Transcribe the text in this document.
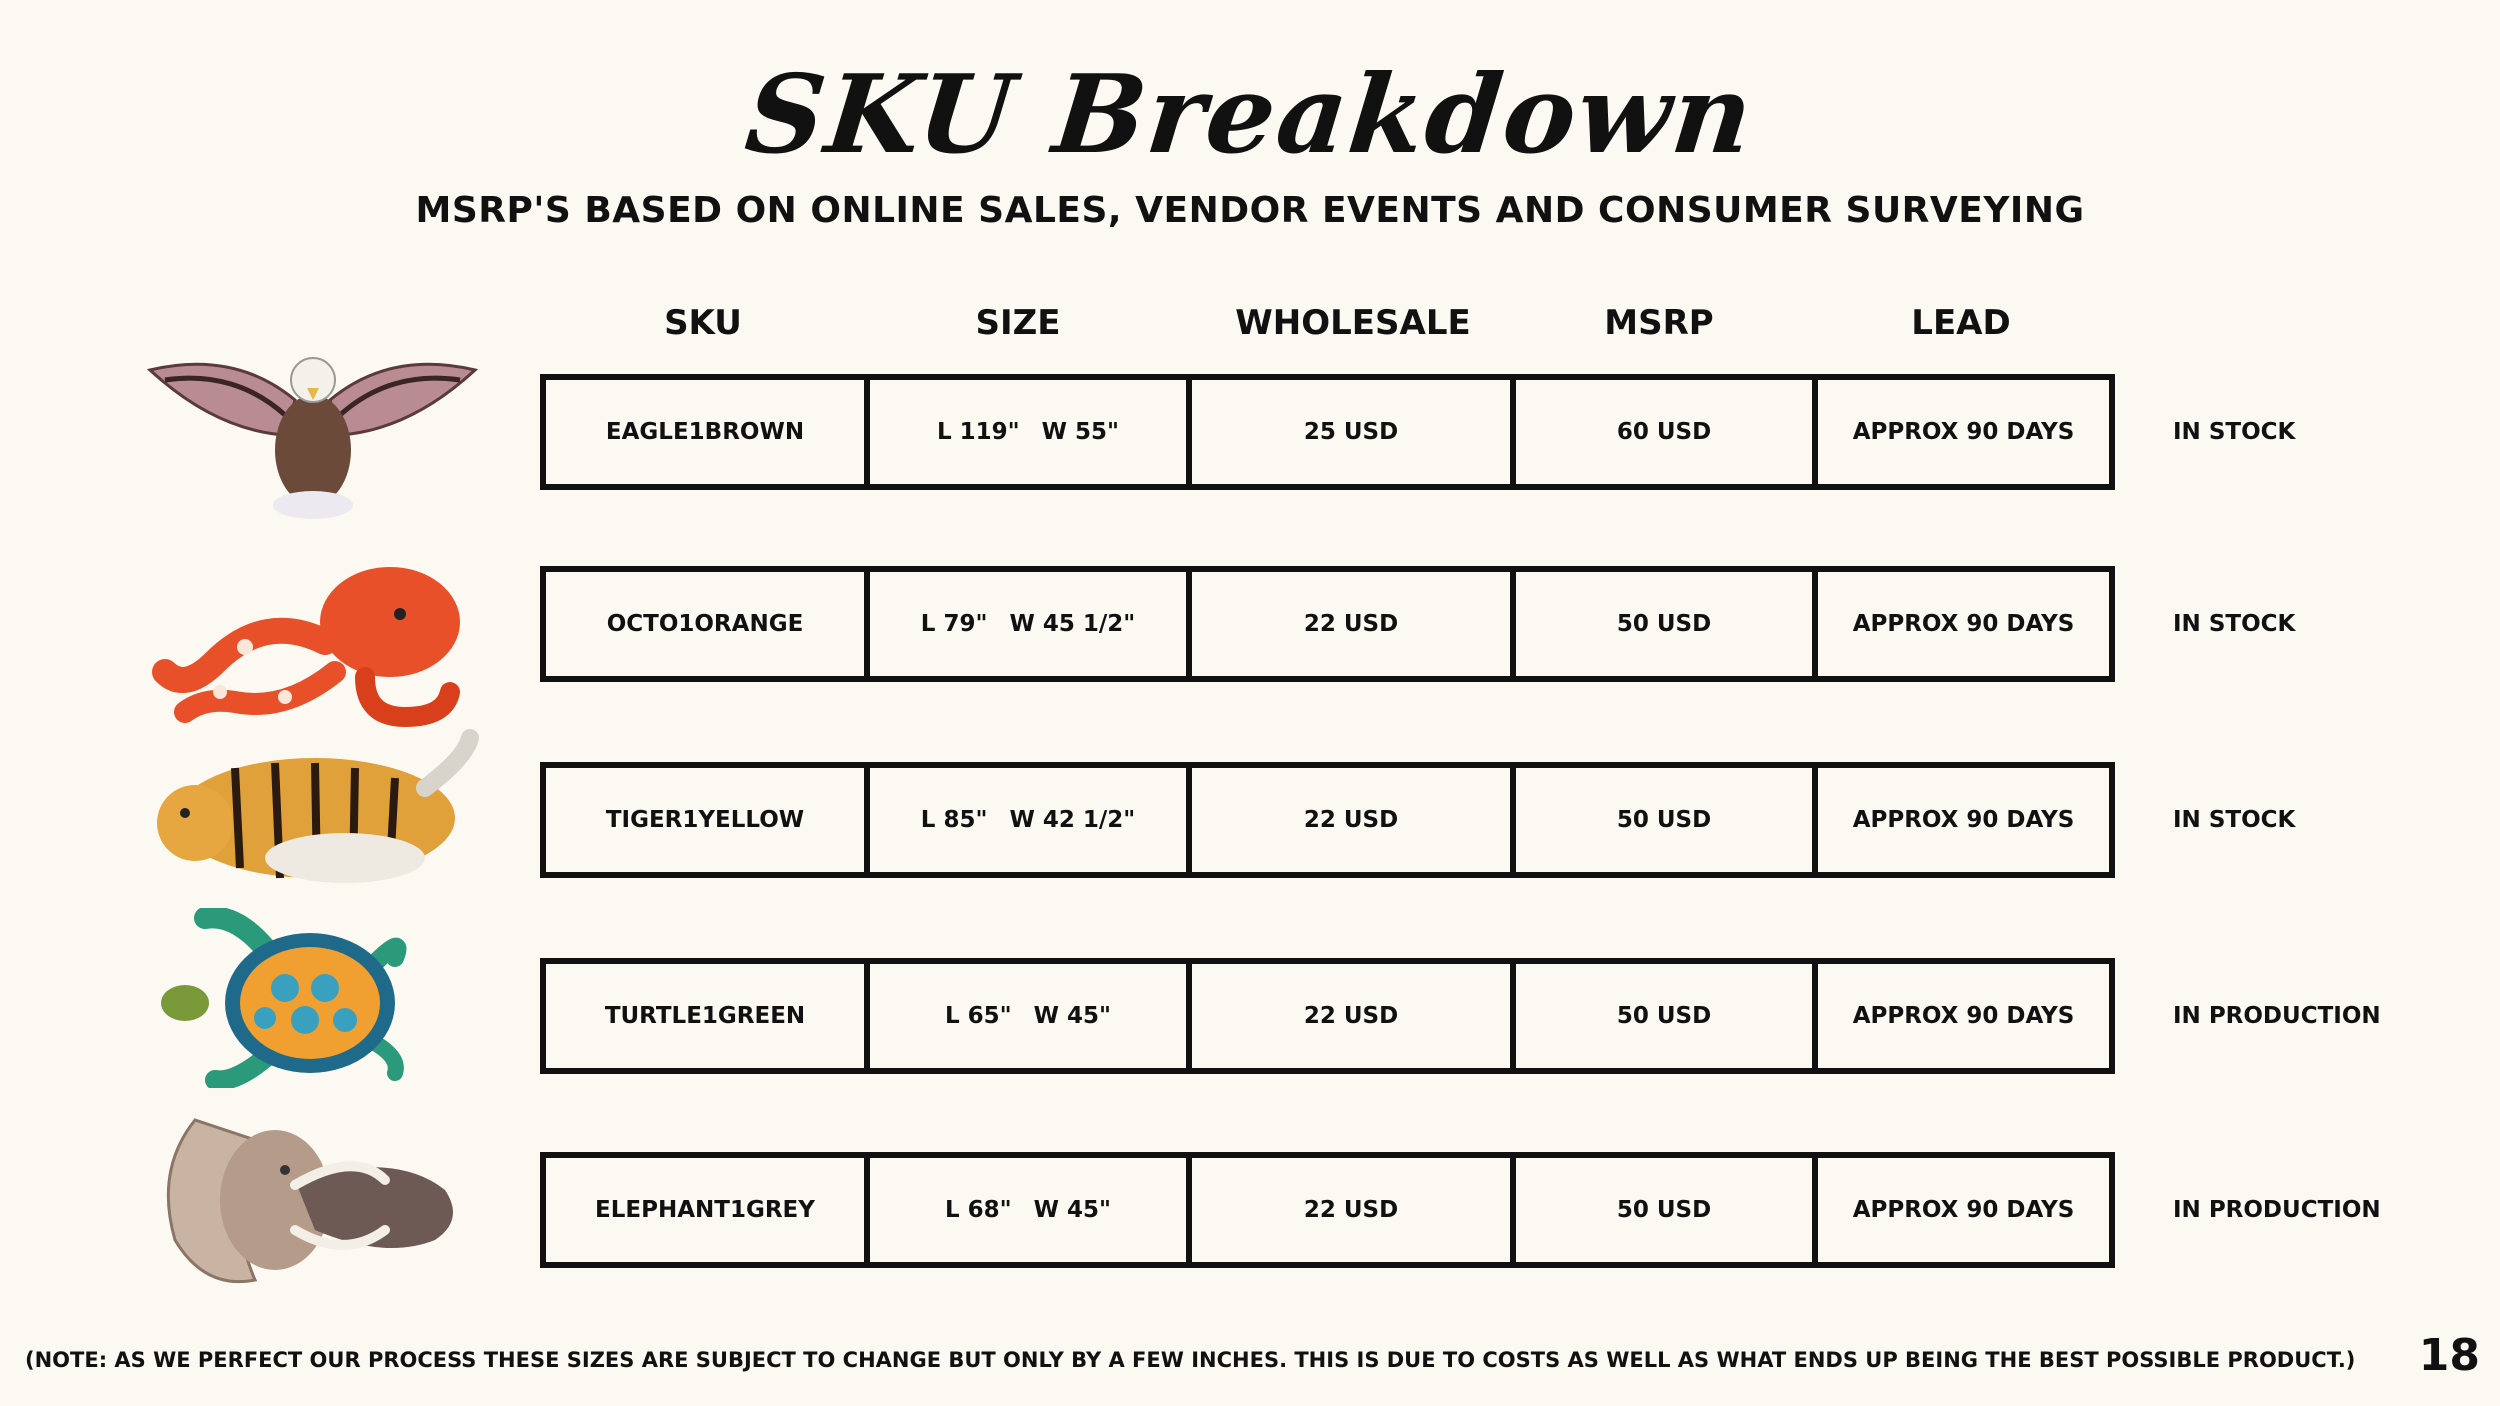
SKU Breakdown
MSRP'S BASED ON ONLINE SALES, VENDOR EVENTS AND CONSUMER SURVEYING
SKU	SIZE	WHOLESALE	MSRP	LEAD
EAGLE1BROWN	L 119" W 55"	25 USD	60 USD	APPROX 90 DAYS	IN STOCK
OCTO1ORANGE	L 79" W 45 1/2"	22 USD	50 USD	APPROX 90 DAYS	IN STOCK
TIGER1YELLOW	L 85" W 42 1/2"	22 USD	50 USD	APPROX 90 DAYS	IN STOCK
TURTLE1GREEN	L 65" W 45"	22 USD	50 USD	APPROX 90 DAYS	IN PRODUCTION
ELEPHANT1GREY	L 68" W 45"	22 USD	50 USD	APPROX 90 DAYS	IN PRODUCTION
(NOTE: AS WE PERFECT OUR PROCESS THESE SIZES ARE SUBJECT TO CHANGE BUT ONLY BY A FEW INCHES. THIS IS DUE TO COSTS AS WELL AS WHAT ENDS UP BEING THE BEST POSSIBLE PRODUCT.) 18
